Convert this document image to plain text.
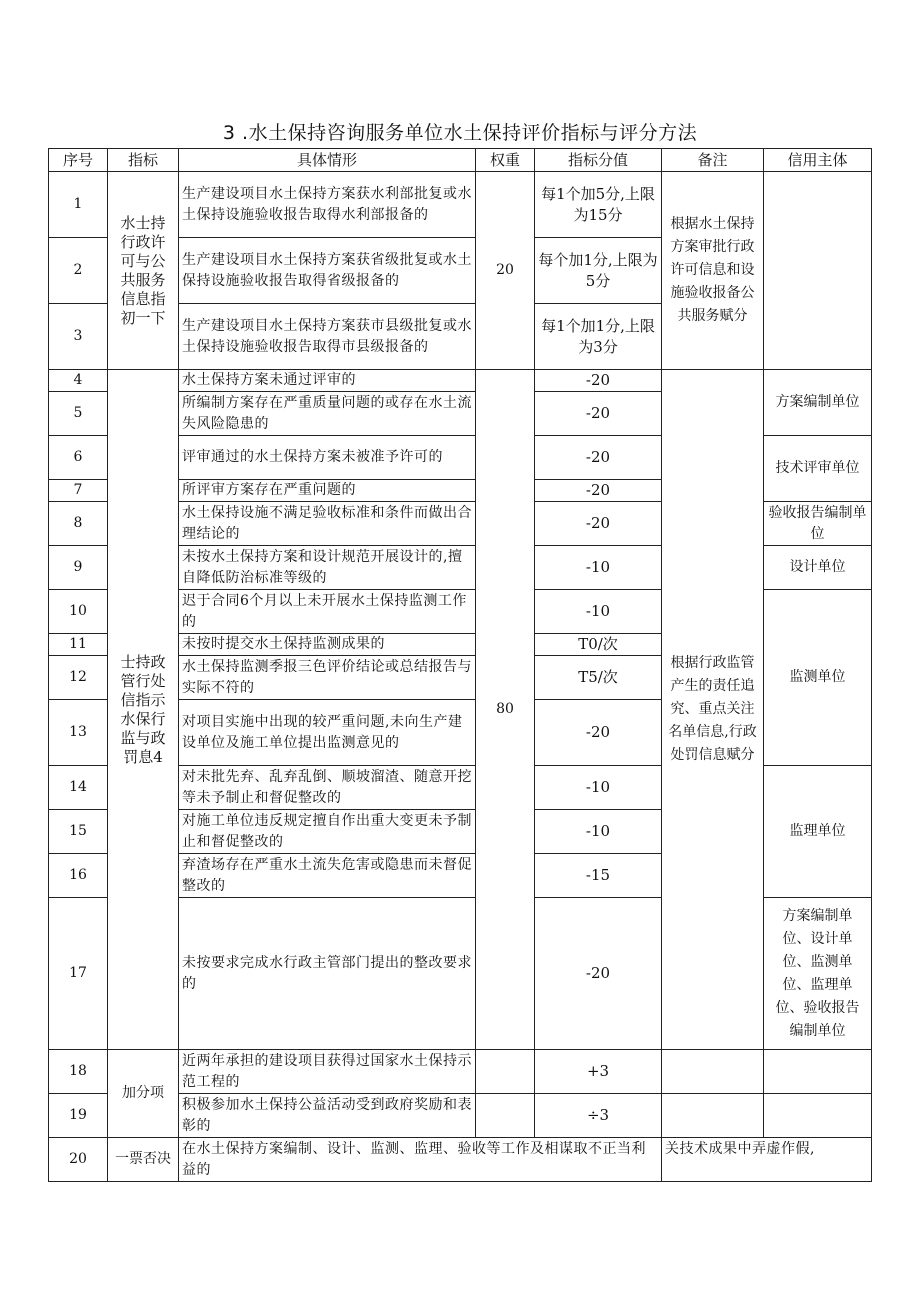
3 .水土保持咨询服务单位水土保持评价指标与评分方法
序号	指标	具体情形	权重	指标分值	备注	信用主体
1	水士持行政许可与公共服务信息指初一下	生产建设项目水土保持方案获水利部批复或水土保持设施验收报告取得水利部报备的	20	每1个加5分,上限为15分	根据水土保持方案审批行政许可信息和设施验收报备公共服务赋分	
2		生产建设项目水土保持方案获省级批复或水土保持设施验收报告取得省级报备的		每个加1分,上限为5分		
3		生产建设项目水土保持方案获市县级批复或水土保持设施验收报告取得市县级报备的		每1个加1分,上限为3分		
4	士持政管行处信指示水保行监与政罚息4	水土保持方案未通过评审的	80	-20	根据行政监管产生的责任追究、重点关注名单信息,行政处罚信息赋分	方案编制单位
5		所编制方案存在严重质量问题的或存在水土流失风险隐患的		-20		
6		评审通过的水土保持方案未被准予许可的		-20		技术评审单位
7		所评审方案存在严重问题的		-20		
8		水土保持设施不满足验收标准和条件而做出合理结论的		-20		验收报告编制单位
9		未按水土保持方案和设计规范开展设计的,擅自降低防治标准等级的		-10		设计单位
10		迟于合同6个月以上未开展水土保持监测工作的		-10		监测单位
11		未按时提交水土保持监测成果的		T0/次		
12		水土保持监测季报三色评价结论或总结报告与实际不符的		T5/次		
13		对项目实施中出现的较严重问题,未向生产建设单位及施工单位提出监测意见的		-20		
14		对未批先弃、乱弃乱倒、顺坡溜渣、随意开挖等未予制止和督促整改的		-10		监理单位
15		对施工单位违反规定擅自作出重大变更未予制止和督促整改的		-10		
16		弃渣场存在严重水土流失危害或隐患而未督促整改的		-15		
17		未按要求完成水行政主管部门提出的整改要求的		-20		方案编制单位、设计单位、监测单位、监理单位、验收报告编制单位
18	加分项	近两年承担的建设项目获得过国家水土保持示范工程的		+3		
19		积极参加水土保持公益活动受到政府奖励和表彰的		÷3		
20	一票否决	在水土保持方案编制、设计、监测、监理、验收等工作及相谋取不正当利益的			关技术成果中弄虚作假,	
